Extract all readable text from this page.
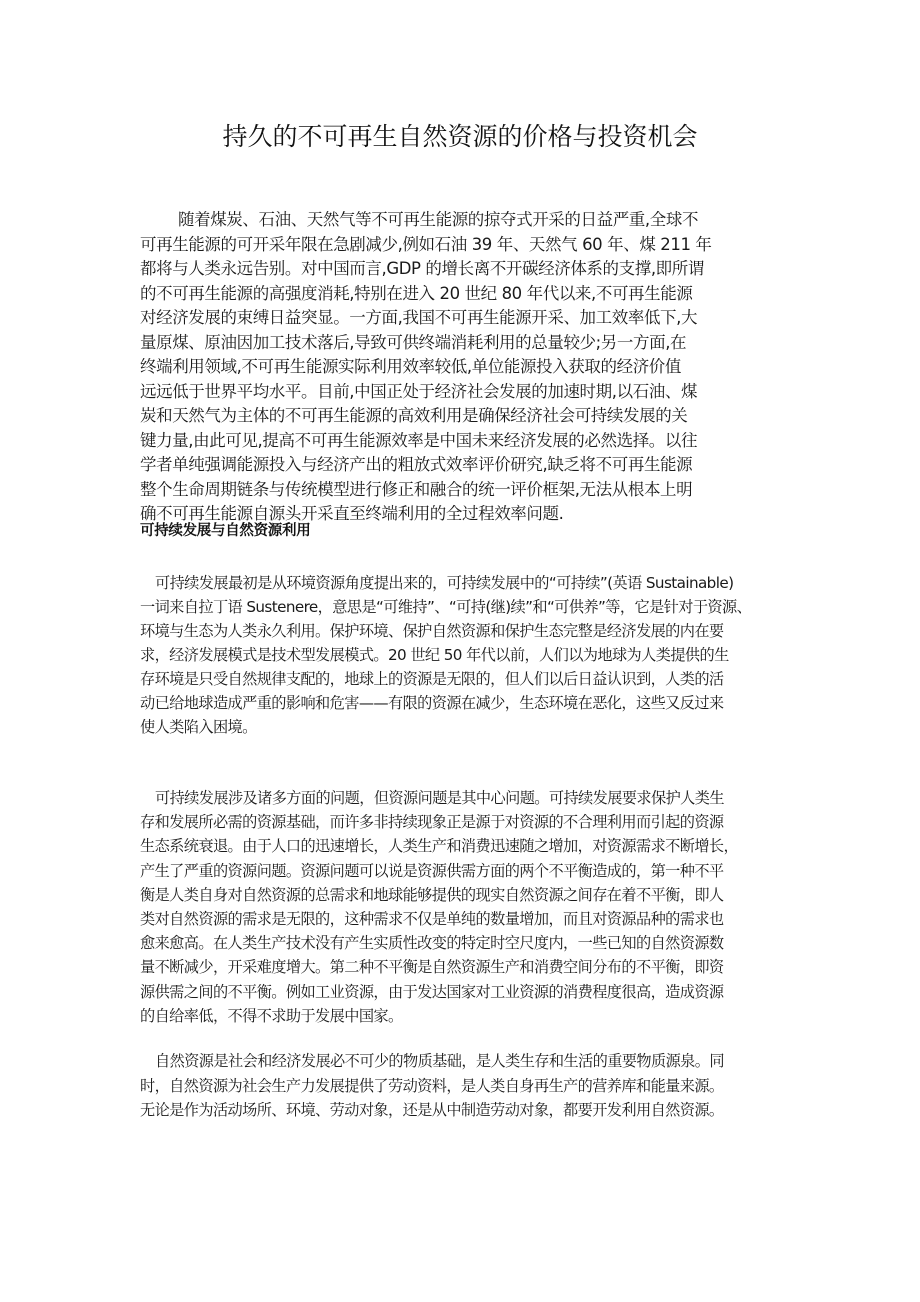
持久的不可再生自然资源的价格与投资机会
随着煤炭、石油、天然气等不可再生能源的掠夺式开采的日益严重,全球不
可再生能源的可开采年限在急剧减少,例如石油 39 年、天然气 60 年、煤 211 年
都将与人类永远告别。对中国而言,GDP 的增长离不开碳经济体系的支撑,即所谓
的不可再生能源的高强度消耗,特别在进入 20 世纪 80 年代以来,不可再生能源
对经济发展的束缚日益突显。一方面,我国不可再生能源开采、加工效率低下,大
量原煤、原油因加工技术落后,导致可供终端消耗利用的总量较少;另一方面,在
终端利用领域,不可再生能源实际利用效率较低,单位能源投入获取的经济价值
远远低于世界平均水平。目前,中国正处于经济社会发展的加速时期,以石油、煤
炭和天然气为主体的不可再生能源的高效利用是确保经济社会可持续发展的关
键力量,由此可见,提高不可再生能源效率是中国未来经济发展的必然选择。以往
学者单纯强调能源投入与经济产出的粗放式效率评价研究,缺乏将不可再生能源
整个生命周期链条与传统模型进行修正和融合的统一评价框架,无法从根本上明
确不可再生能源自源头开采直至终端利用的全过程效率问题.
可持续发展与自然资源利用
可持续发展最初是从环境资源角度提出来的，可持续发展中的“可持续”(英语 Sustainable)
一词来自拉丁语 Sustenere，意思是“可维持”、“可持(继)续”和“可供养”等，它是针对于资源、
环境与生态为人类永久利用。保护环境、保护自然资源和保护生态完整是经济发展的内在要
求，经济发展模式是技术型发展模式。20 世纪 50 年代以前，人们以为地球为人类提供的生
存环境是只受自然规律支配的，地球上的资源是无限的，但人们以后日益认识到，人类的活
动已给地球造成严重的影响和危害——有限的资源在减少，生态环境在恶化，这些又反过来
使人类陷入困境。
可持续发展涉及诸多方面的问题，但资源问题是其中心问题。可持续发展要求保护人类生
存和发展所必需的资源基础，而许多非持续现象正是源于对资源的不合理利用而引起的资源
生态系统衰退。由于人口的迅速增长，人类生产和消费迅速随之增加，对资源需求不断增长，
产生了严重的资源问题。资源问题可以说是资源供需方面的两个不平衡造成的，第一种不平
衡是人类自身对自然资源的总需求和地球能够提供的现实自然资源之间存在着不平衡，即人
类对自然资源的需求是无限的，这种需求不仅是单纯的数量增加，而且对资源品种的需求也
愈来愈高。在人类生产技术没有产生实质性改变的特定时空尺度内，一些已知的自然资源数
量不断减少，开采难度增大。第二种不平衡是自然资源生产和消费空间分布的不平衡，即资
源供需之间的不平衡。例如工业资源，由于发达国家对工业资源的消费程度很高，造成资源
的自给率低，不得不求助于发展中国家。
自然资源是社会和经济发展必不可少的物质基础，是人类生存和生活的重要物质源泉。同
时，自然资源为社会生产力发展提供了劳动资料，是人类自身再生产的营养库和能量来源。
无论是作为活动场所、环境、劳动对象，还是从中制造劳动对象，都要开发利用自然资源。
